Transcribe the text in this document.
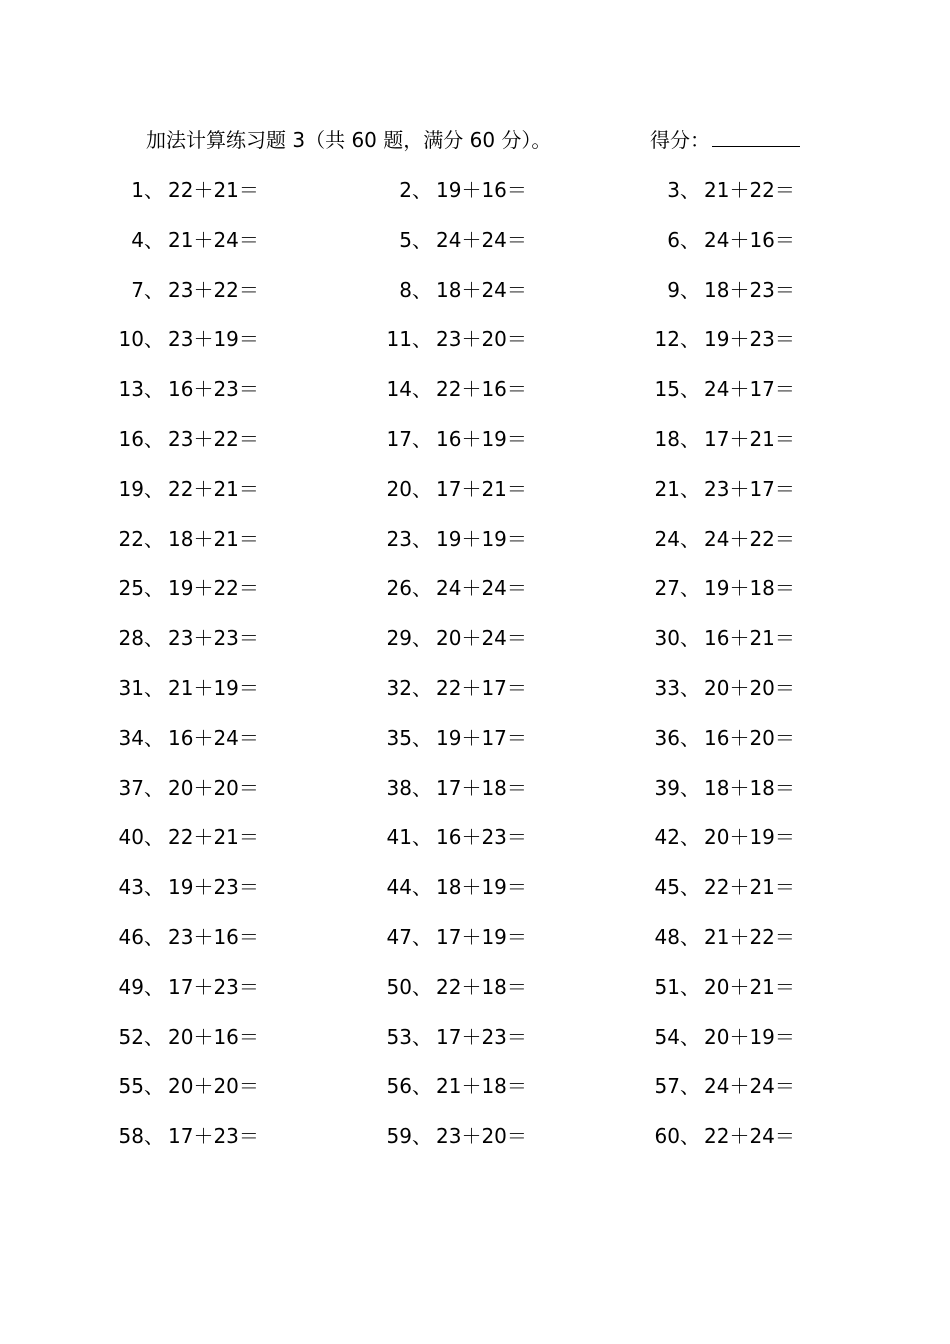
加法计算练习题 3（共 60 题，满分 60 分）。	得分：
1、 22＋21＝	2、 19＋16＝	3、 21＋22＝
4、 21＋24＝	5、 24＋24＝	6、 24＋16＝
7、 23＋22＝	8、 18＋24＝	9、 18＋23＝
10、 23＋19＝	11、 23＋20＝	12、 19＋23＝
13、 16＋23＝	14、 22＋16＝	15、 24＋17＝
16、 23＋22＝	17、 16＋19＝	18、 17＋21＝
19、 22＋21＝	20、 17＋21＝	21、 23＋17＝
22、 18＋21＝	23、 19＋19＝	24、 24＋22＝
25、 19＋22＝	26、 24＋24＝	27、 19＋18＝
28、 23＋23＝	29、 20＋24＝	30、 16＋21＝
31、 21＋19＝	32、 22＋17＝	33、 20＋20＝
34、 16＋24＝	35、 19＋17＝	36、 16＋20＝
37、 20＋20＝	38、 17＋18＝	39、 18＋18＝
40、 22＋21＝	41、 16＋23＝	42、 20＋19＝
43、 19＋23＝	44、 18＋19＝	45、 22＋21＝
46、 23＋16＝	47、 17＋19＝	48、 21＋22＝
49、 17＋23＝	50、 22＋18＝	51、 20＋21＝
52、 20＋16＝	53、 17＋23＝	54、 20＋19＝
55、 20＋20＝	56、 21＋18＝	57、 24＋24＝
58、 17＋23＝	59、 23＋20＝	60、 22＋24＝
